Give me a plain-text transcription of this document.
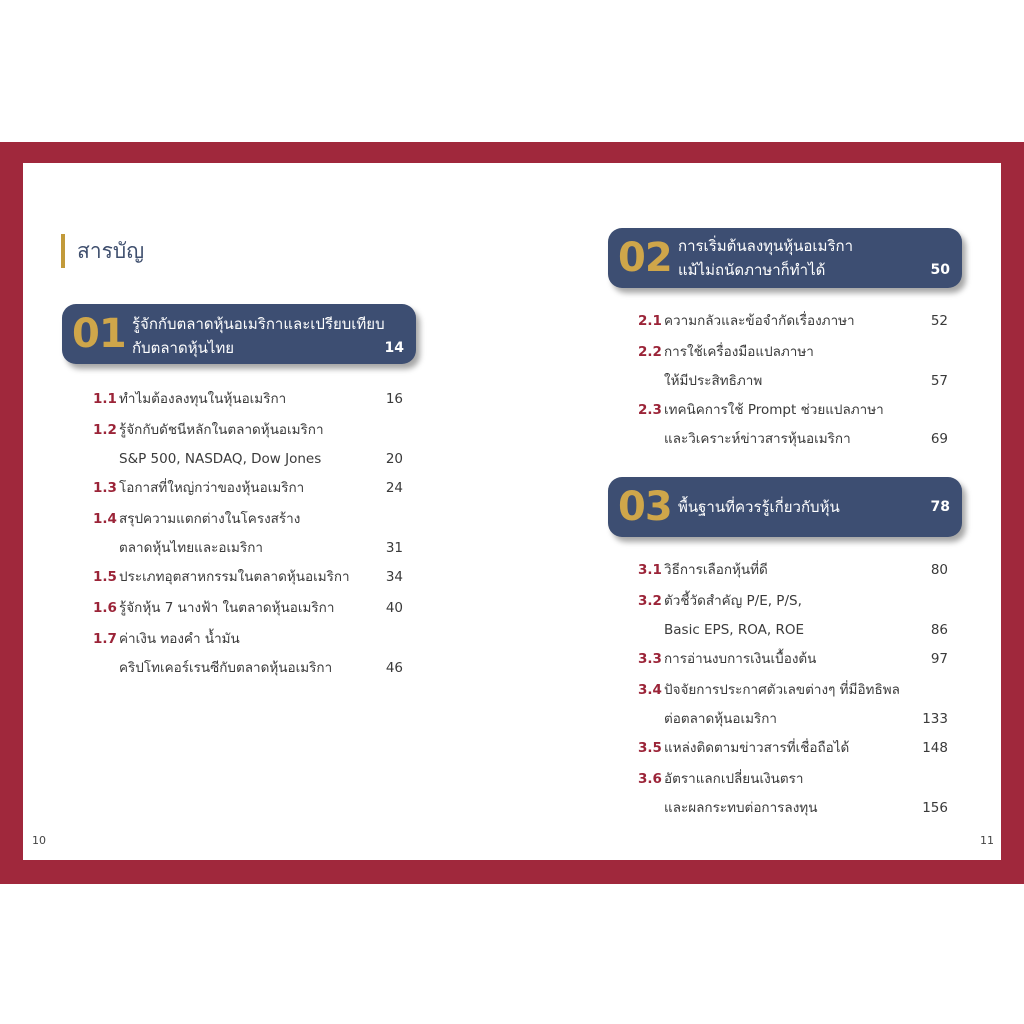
สารบัญ
01 รู้จักกับตลาดหุ้นอเมริกาและเปรียบเทียบ
กับตลาดหุ้นไทย	14
1.1 ทำไมต้องลงทุนในหุ้นอเมริกา	16
1.2 รู้จักกับดัชนีหลักในตลาดหุ้นอเมริกา
S&P 500, NASDAQ, Dow Jones	20
1.3 โอกาสที่ใหญ่กว่าของหุ้นอเมริกา	24
1.4 สรุปความแตกต่างในโครงสร้าง
ตลาดหุ้นไทยและอเมริกา	31
1.5 ประเภทอุตสาหกรรมในตลาดหุ้นอเมริกา	34
1.6 รู้จักหุ้น 7 นางฟ้า ในตลาดหุ้นอเมริกา	40
1.7 ค่าเงิน ทองคำ น้ำมัน
คริปโทเคอร์เรนซีกับตลาดหุ้นอเมริกา	46
02 การเริ่มต้นลงทุนหุ้นอเมริกา
แม้ไม่ถนัดภาษาก็ทำได้	50
2.1 ความกลัวและข้อจำกัดเรื่องภาษา	52
2.2 การใช้เครื่องมือแปลภาษา
ให้มีประสิทธิภาพ	57
2.3 เทคนิคการใช้ Prompt ช่วยแปลภาษา
และวิเคราะห์ข่าวสารหุ้นอเมริกา	69
03 พื้นฐานที่ควรรู้เกี่ยวกับหุ้น	78
3.1 วิธีการเลือกหุ้นที่ดี	80
3.2 ตัวชี้วัดสำคัญ P/E, P/S,
Basic EPS, ROA, ROE	86
3.3 การอ่านงบการเงินเบื้องต้น	97
3.4 ปัจจัยการประกาศตัวเลขต่างๆ ที่มีอิทธิพล
ต่อตลาดหุ้นอเมริกา	133
3.5 แหล่งติดตามข่าวสารที่เชื่อถือได้	148
3.6 อัตราแลกเปลี่ยนเงินตรา
และผลกระทบต่อการลงทุน	156
10	11
